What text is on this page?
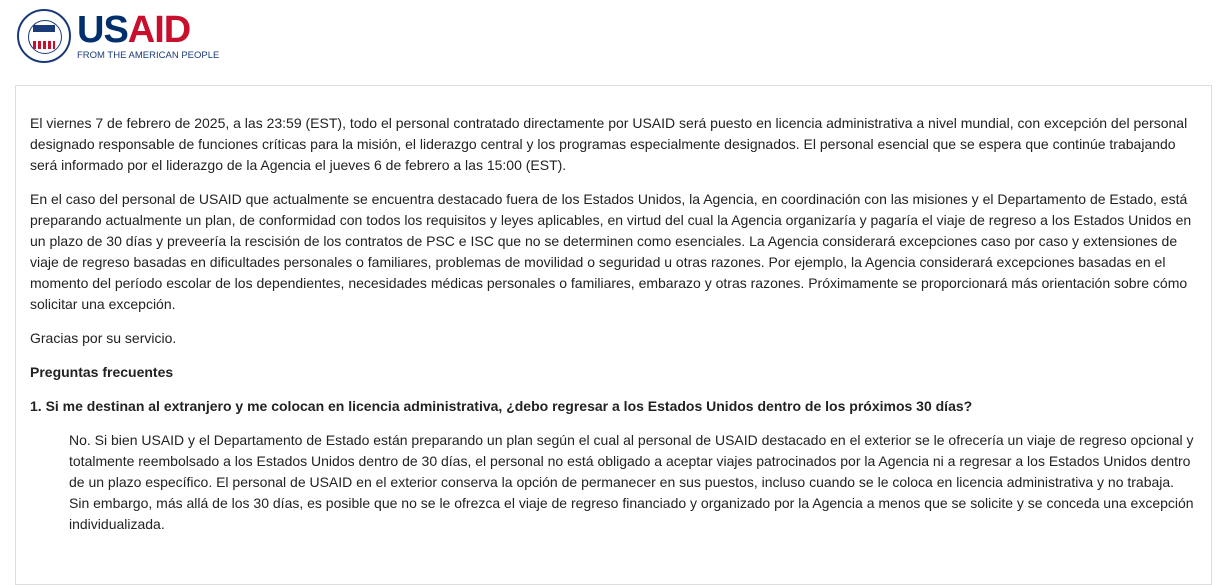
USAID
FROM THE AMERICAN PEOPLE

El viernes 7 de febrero de 2025, a las 23:59 (EST), todo el personal contratado directamente por USAID será puesto en licencia administrativa a nivel mundial, con excepción del personal designado responsable de funciones críticas para la misión, el liderazgo central y los programas especialmente designados. El personal esencial que se espera que continúe trabajando será informado por el liderazgo de la Agencia el jueves 6 de febrero a las 15:00 (EST).

En el caso del personal de USAID que actualmente se encuentra destacado fuera de los Estados Unidos, la Agencia, en coordinación con las misiones y el Departamento de Estado, está preparando actualmente un plan, de conformidad con todos los requisitos y leyes aplicables, en virtud del cual la Agencia organizaría y pagaría el viaje de regreso a los Estados Unidos en un plazo de 30 días y preveería la rescisión de los contratos de PSC e ISC que no se determinen como esenciales. La Agencia considerará excepciones caso por caso y extensiones de viaje de regreso basadas en dificultades personales o familiares, problemas de movilidad o seguridad u otras razones. Por ejemplo, la Agencia considerará excepciones basadas en el momento del período escolar de los dependientes, necesidades médicas personales o familiares, embarazo y otras razones. Próximamente se proporcionará más orientación sobre cómo solicitar una excepción.

Gracias por su servicio.

Preguntas frecuentes

1. Si me destinan al extranjero y me colocan en licencia administrativa, ¿debo regresar a los Estados Unidos dentro de los próximos 30 días?

No. Si bien USAID y el Departamento de Estado están preparando un plan según el cual al personal de USAID destacado en el exterior se le ofrecería un viaje de regreso opcional y totalmente reembolsado a los Estados Unidos dentro de 30 días, el personal no está obligado a aceptar viajes patrocinados por la Agencia ni a regresar a los Estados Unidos dentro de un plazo específico. El personal de USAID en el exterior conserva la opción de permanecer en sus puestos, incluso cuando se le coloca en licencia administrativa y no trabaja. Sin embargo, más allá de los 30 días, es posible que no se le ofrezca el viaje de regreso financiado y organizado por la Agencia a menos que se solicite y se conceda una excepción individualizada.
